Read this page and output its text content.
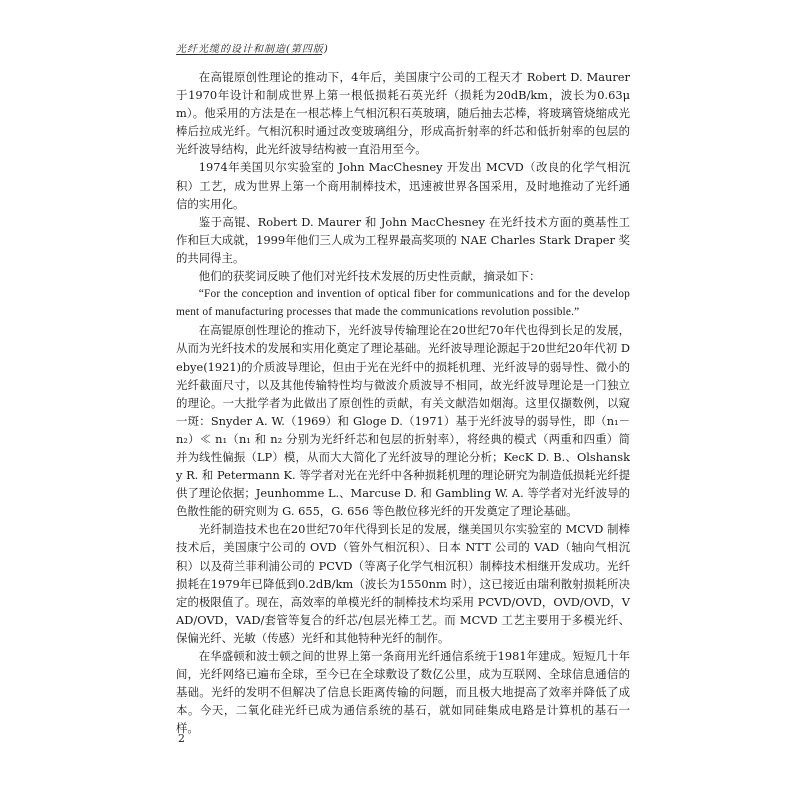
光纤光缆的设计和制造(第四版)

在高锟原创性理论的推动下，4年后，美国康宁公司的工程天才 Robert D. Maurer 于1970年设计和制成世界上第一根低损耗石英光纤（损耗为20dB/km，波长为0.63μm）。他采用的方法是在一根芯棒上气相沉积石英玻璃，随后抽去芯棒，将玻璃管烧缩成光棒后拉成光纤。气相沉积时通过改变玻璃组分，形成高折射率的纤芯和低折射率的包层的光纤波导结构，此光纤波导结构被一直沿用至今。

1974年美国贝尔实验室的 John MacChesney 开发出 MCVD（改良的化学气相沉积）工艺，成为世界上第一个商用制棒技术，迅速被世界各国采用，及时地推动了光纤通信的实用化。

鉴于高锟、Robert D. Maurer 和 John MacChesney 在光纤技术方面的奠基性工作和巨大成就，1999年他们三人成为工程界最高奖项的 NAE Charles Stark Draper 奖的共同得主。

他们的获奖词反映了他们对光纤技术发展的历史性贡献，摘录如下：

“For the conception and invention of optical fiber for communications and for the development of manufacturing processes that made the communications revolution possible.”

在高锟原创性理论的推动下，光纤波导传输理论在20世纪70年代也得到长足的发展，从而为光纤技术的发展和实用化奠定了理论基础。光纤波导理论源起于20世纪20年代初 Debye(1921)的介质波导理论，但由于光在光纤中的损耗机理、光纤波导的弱导性、微小的光纤截面尺寸，以及其他传输特性均与微波介质波导不相同，故光纤波导理论是一门独立的理论。一大批学者为此做出了原创性的贡献，有关文献浩如烟海。这里仅撷数例，以窥一斑：Snyder A. W.（1969）和 Gloge D.（1971）基于光纤波导的弱导性，即（n₁－n₂）≪ n₁（n₁ 和 n₂ 分别为光纤纤芯和包层的折射率），将经典的模式（两重和四重）简并为线性偏振（LP）模，从而大大简化了光纤波导的理论分析；KecK D. B.、Olshansky R. 和 Petermann K. 等学者对光在光纤中各种损耗机理的理论研究为制造低损耗光纤提供了理论依据；Jeunhomme L.、Marcuse D. 和 Gambling W. A. 等学者对光纤波导的色散性能的研究则为 G. 655，G. 656 等色散位移光纤的开发奠定了理论基础。

光纤制造技术也在20世纪70年代得到长足的发展，继美国贝尔实验室的 MCVD 制棒技术后，美国康宁公司的 OVD（管外气相沉积）、日本 NTT 公司的 VAD（轴向气相沉积）以及荷兰菲利浦公司的 PCVD（等离子化学气相沉积）制棒技术相继开发成功。光纤损耗在1979年已降低到0.2dB/km（波长为1550nm 时），这已接近由瑞利散射损耗所决定的极限值了。现在，高效率的单模光纤的制棒技术均采用 PCVD/OVD，OVD/OVD，VAD/OVD，VAD/套管等复合的纤芯/包层光棒工艺。而 MCVD 工艺主要用于多模光纤、保偏光纤、光敏（传感）光纤和其他特种光纤的制作。

在华盛顿和波士顿之间的世界上第一条商用光纤通信系统于1981年建成。短短几十年间，光纤网络已遍布全球，至今已在全球敷设了数亿公里，成为互联网、全球信息通信的基础。光纤的发明不但解决了信息长距离传输的问题，而且极大地提高了效率并降低了成本。今天，二氧化硅光纤已成为通信系统的基石，就如同硅集成电路是计算机的基石一样。

2
